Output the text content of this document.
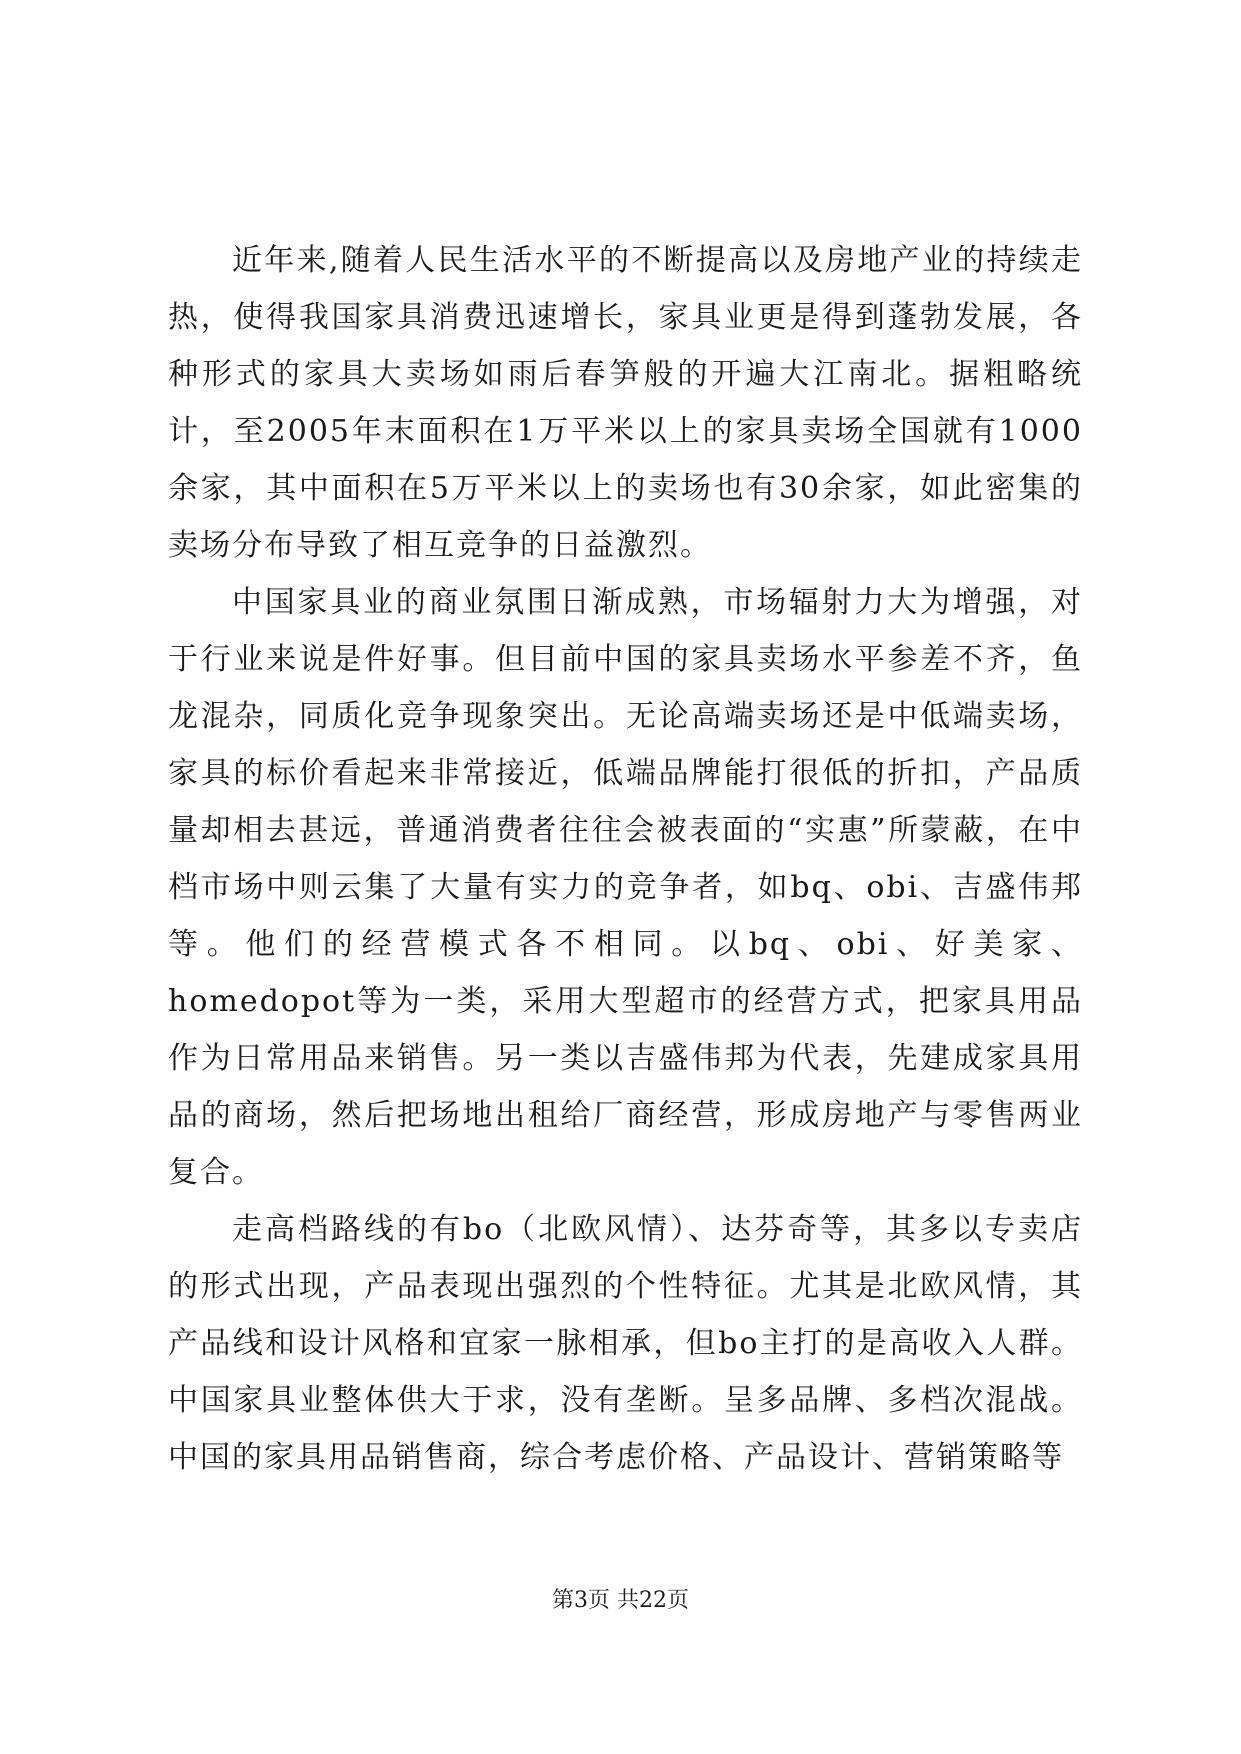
近年来,随着人民生活水平的不断提高以及房地产业的持续走热，使得我国家具消费迅速增长，家具业更是得到蓬勃发展，各种形式的家具大卖场如雨后春笋般的开遍大江南北。据粗略统计，至2005年末面积在1万平米以上的家具卖场全国就有1000余家，其中面积在5万平米以上的卖场也有30余家，如此密集的卖场分布导致了相互竞争的日益激烈。

中国家具业的商业氛围日渐成熟，市场辐射力大为增强，对于行业来说是件好事。但目前中国的家具卖场水平参差不齐，鱼龙混杂，同质化竞争现象突出。无论高端卖场还是中低端卖场，家具的标价看起来非常接近，低端品牌能打很低的折扣，产品质量却相去甚远，普通消费者往往会被表面的“实惠”所蒙蔽，在中档市场中则云集了大量有实力的竞争者，如bq、obi、吉盛伟邦等。他们的经营模式各不相同。以bq、obi、好美家、homedopot等为一类，采用大型超市的经营方式，把家具用品作为日常用品来销售。另一类以吉盛伟邦为代表，先建成家具用品的商场，然后把场地出租给厂商经营，形成房地产与零售两业复合。

走高档路线的有bo（北欧风情）、达芬奇等，其多以专卖店的形式出现，产品表现出强烈的个性特征。尤其是北欧风情，其产品线和设计风格和宜家一脉相承，但bo主打的是高收入人群。中国家具业整体供大于求，没有垄断。呈多品牌、多档次混战。中国的家具用品销售商，综合考虑价格、产品设计、营销策略等

第3页 共22页
